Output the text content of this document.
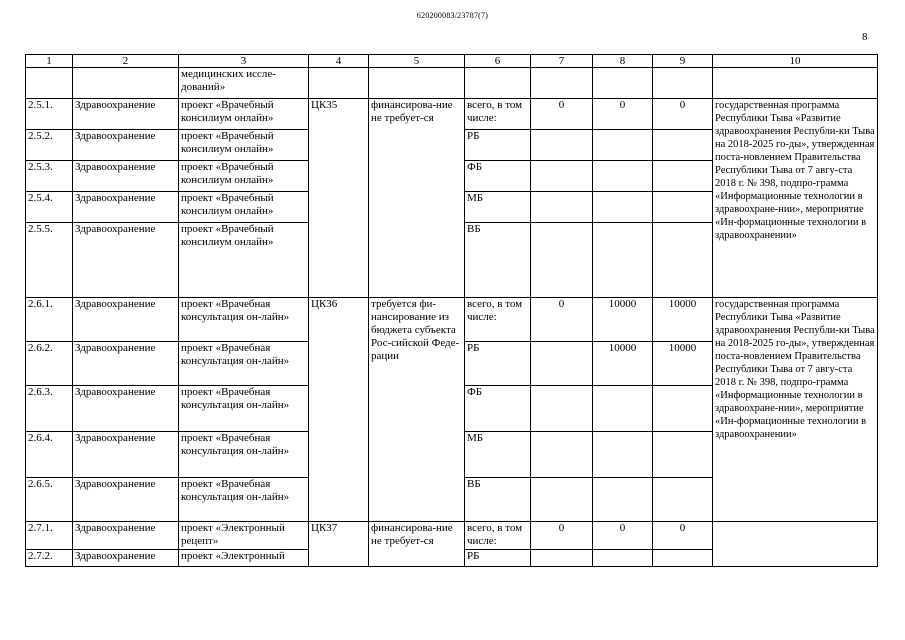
620200083/23787(7)
8
1	2	3	4	5	6	7	8	9	10
		медицинских иссле-дований»							
2.5.1.	Здравоохранение	проект «Врачебный консилиум онлайн»	ЦК35	финансирова-ние не требует-ся	всего, в том числе:	0	0	0	государственная программа Республики Тыва «Развитие здравоохранения Республи-ки Тыва на 2018-2025 го-ды», утвержденная поста-новлением Правительства Республики Тыва от 7 авгу-ста 2018 г. № 398, подпро-грамма «Информационные технологии в здравоохране-нии», мероприятие «Ин-формационные технологии в здравоохранении»
2.5.2.	Здравоохранение	проект «Врачебный консилиум онлайн»			РБ				
2.5.3.	Здравоохранение	проект «Врачебный консилиум онлайн»			ФБ				
2.5.4.	Здравоохранение	проект «Врачебный консилиум онлайн»			МБ				
2.5.5.	Здравоохранение	проект «Врачебный консилиум онлайн»			ВБ				
2.6.1.	Здравоохранение	проект «Врачебная консультация он-лайн»	ЦК36	требуется фи-нансирование из бюджета субъекта Рос-сийской Феде-рации	всего, в том числе:	0	10000	10000	государственная программа Республики Тыва «Развитие здравоохранения Республи-ки Тыва на 2018-2025 го-ды», утвержденная поста-новлением Правительства Республики Тыва от 7 авгу-ста 2018 г. № 398, подпро-грамма «Информационные технологии в здравоохране-нии», мероприятие «Ин-формационные технологии в здравоохранении»
2.6.2.	Здравоохранение	проект «Врачебная консультация он-лайн»			РБ		10000	10000	
2.6.3.	Здравоохранение	проект «Врачебная консультация он-лайн»			ФБ				
2.6.4.	Здравоохранение	проект «Врачебная консультация он-лайн»			МБ				
2.6.5.	Здравоохранение	проект «Врачебная консультация он-лайн»			ВБ				
2.7.1.	Здравоохранение	проект «Электронный рецепт»	ЦК37	финансирова-ние не требует-ся	всего, в том числе:	0	0	0	
2.7.2.	Здравоохранение	проект «Электронный			РБ				
